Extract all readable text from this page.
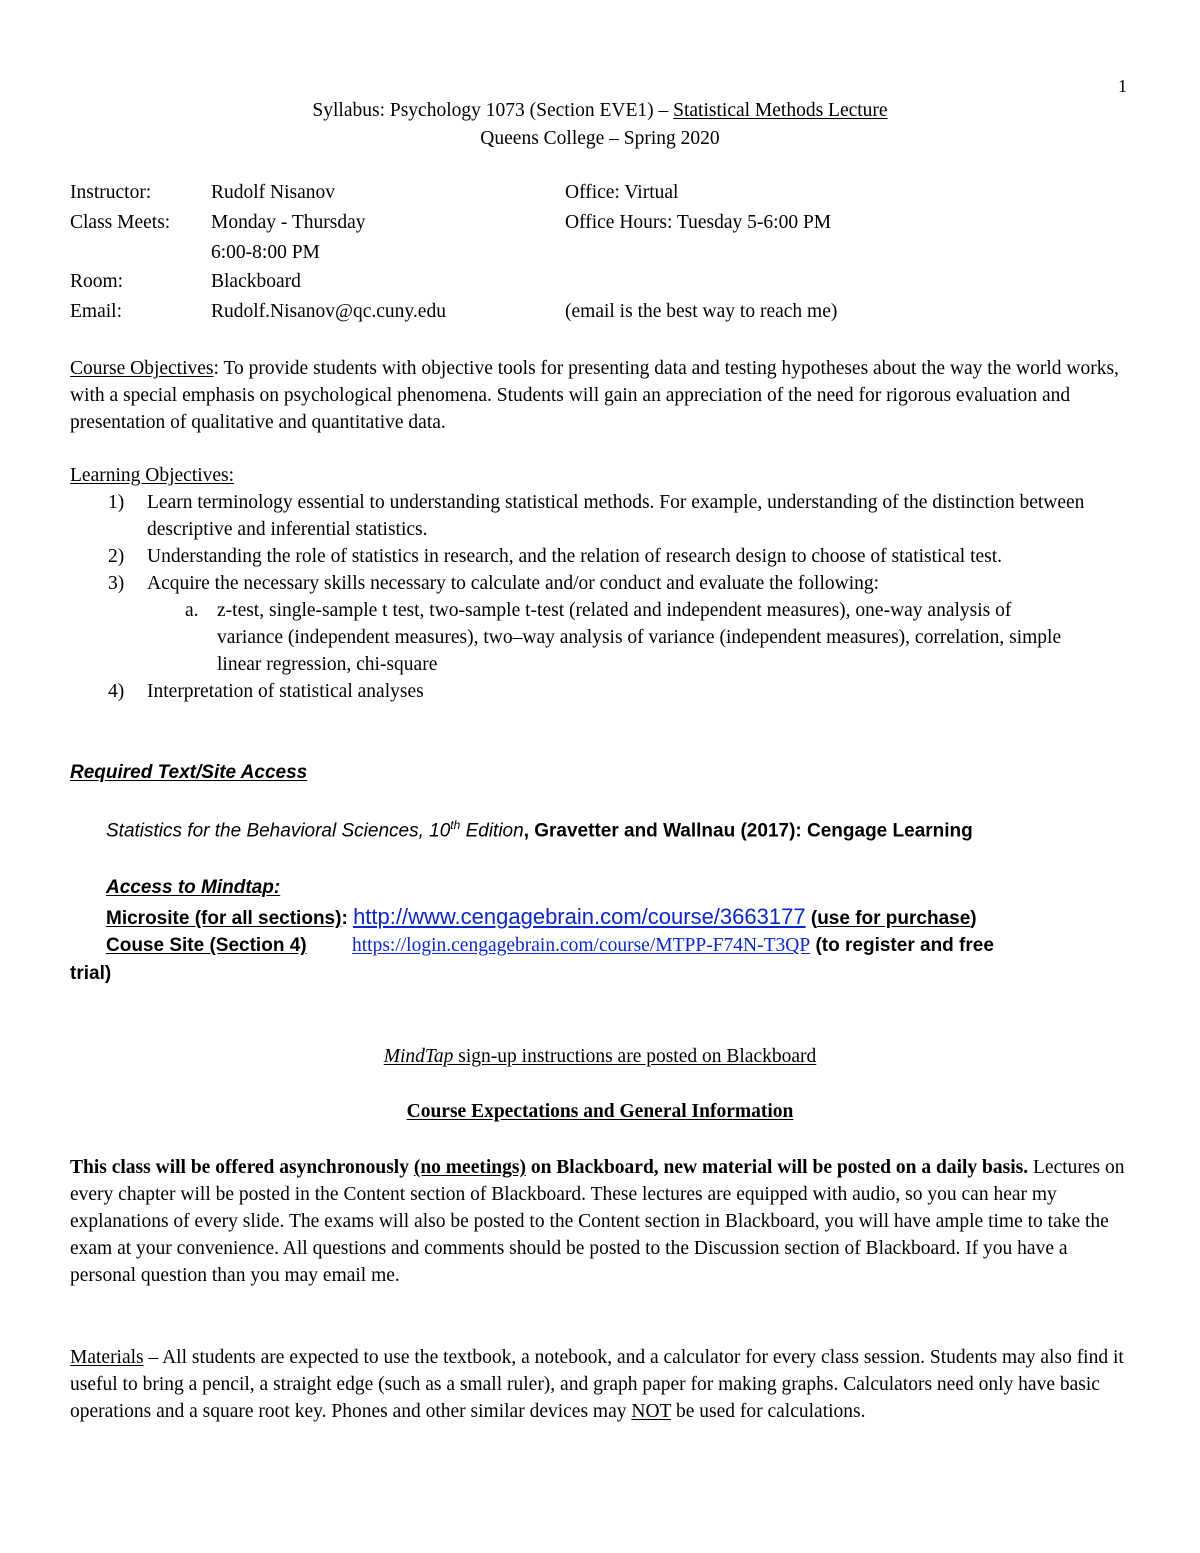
1
Syllabus: Psychology 1073 (Section EVE1) – Statistical Methods Lecture
Queens College – Spring 2020
Instructor:	Rudolf Nisanov	Office: Virtual
Class Meets: Monday - Thursday	Office Hours: Tuesday 5-6:00 PM
6:00-8:00 PM
Room:	Blackboard
Email:	Rudolf.Nisanov@qc.cuny.edu	(email is the best way to reach me)
Course Objectives: To provide students with objective tools for presenting data and testing hypotheses about the way the world works, with a special emphasis on psychological phenomena. Students will gain an appreciation of the need for rigorous evaluation and presentation of qualitative and quantitative data.
Learning Objectives:
1) Learn terminology essential to understanding statistical methods. For example, understanding of the distinction between descriptive and inferential statistics.
2) Understanding the role of statistics in research, and the relation of research design to choose of statistical test.
3) Acquire the necessary skills necessary to calculate and/or conduct and evaluate the following:
a. z-test, single-sample t test, two-sample t-test (related and independent measures), one-way analysis of variance (independent measures), two–way analysis of variance (independent measures), correlation, simple linear regression, chi-square
4) Interpretation of statistical analyses
Required Text/Site Access
Statistics for the Behavioral Sciences, 10th Edition, Gravetter and Wallnau (2017): Cengage Learning
Access to Mindtap:
Microsite (for all sections): http://www.cengagebrain.com/course/3663177 (use for purchase)
Couse Site (Section 4) https://login.cengagebrain.com/course/MTPP-F74N-T3QP (to register and free
trial)
MindTap sign-up instructions are posted on Blackboard
Course Expectations and General Information
This class will be offered asynchronously (no meetings) on Blackboard, new material will be posted on a daily basis. Lectures on every chapter will be posted in the Content section of Blackboard. These lectures are equipped with audio, so you can hear my explanations of every slide. The exams will also be posted to the Content section in Blackboard, you will have ample time to take the exam at your convenience. All questions and comments should be posted to the Discussion section of Blackboard. If you have a personal question than you may email me.
Materials – All students are expected to use the textbook, a notebook, and a calculator for every class session. Students may also find it useful to bring a pencil, a straight edge (such as a small ruler), and graph paper for making graphs. Calculators need only have basic operations and a square root key. Phones and other similar devices may NOT be used for calculations.
